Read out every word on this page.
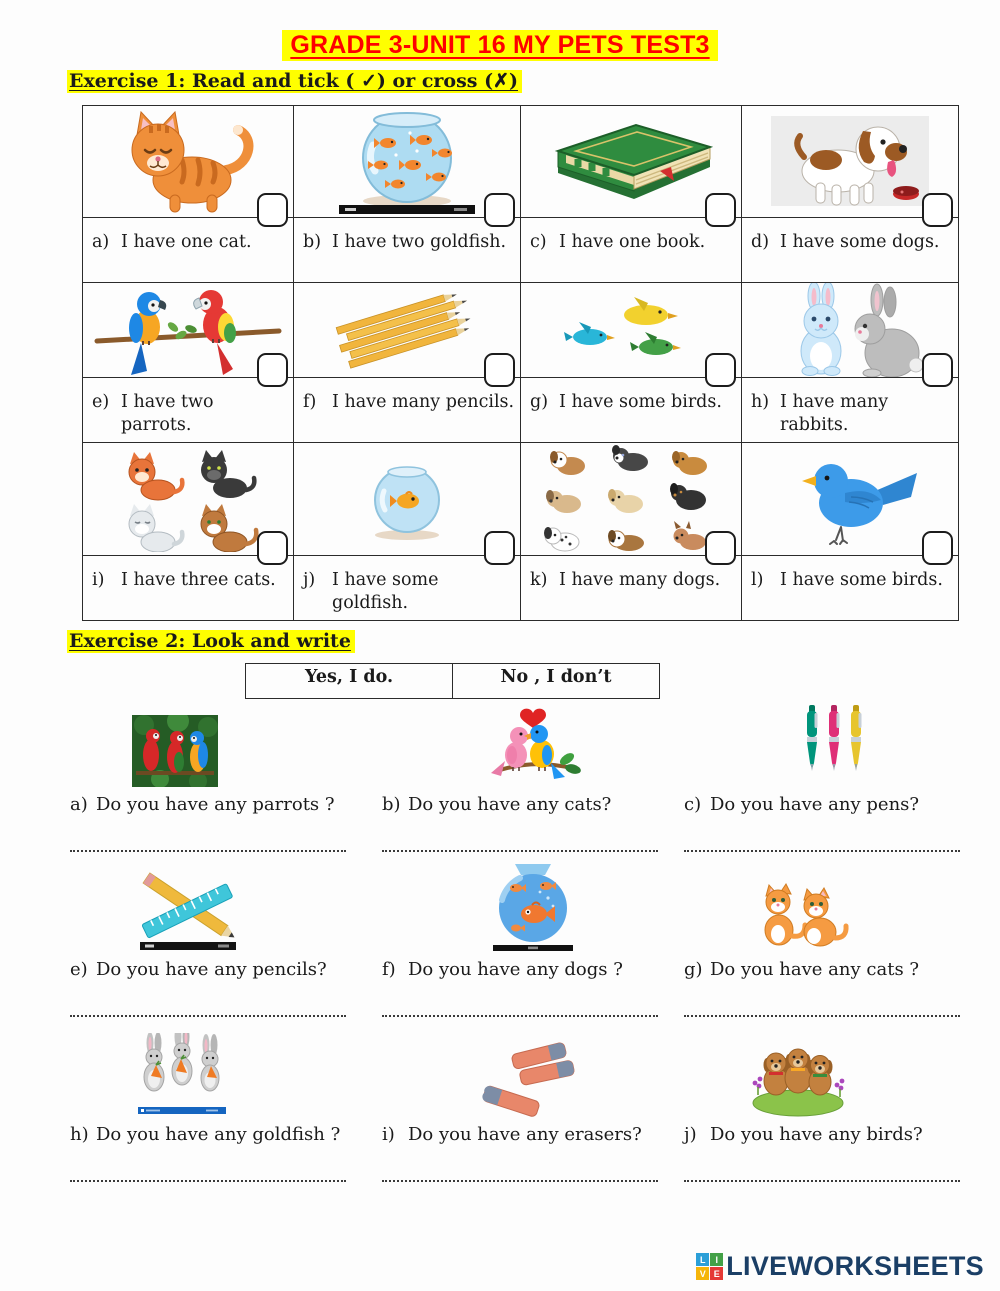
GRADE 3-UNIT 16 MY PETS TEST3
Exercise 1: Read and tick ( ✓) or cross (✗)

a) I have one cat.	b) I have two goldfish.	c) I have one book.	d) I have some dogs.

e) I have two parrots.	f) I have many pencils.	g) I have some birds.	h) I have many rabbits.

i) I have three cats.	j) I have some goldfish.	k) I have many dogs.	l) I have some birds.
Exercise 2: Look and write
Yes, I do.	No , I don’t
a) Do you have any parrots ?	b) Do you have any cats?	c) Do you have any pens?
e) Do you have any pencils?	f) Do you have any dogs ?	g) Do you have any cats ?
h) Do you have any goldfish ? i) Do you have any erasers? j) Do you have any birds?
L	I
V E LIVEWORKSHEETS
